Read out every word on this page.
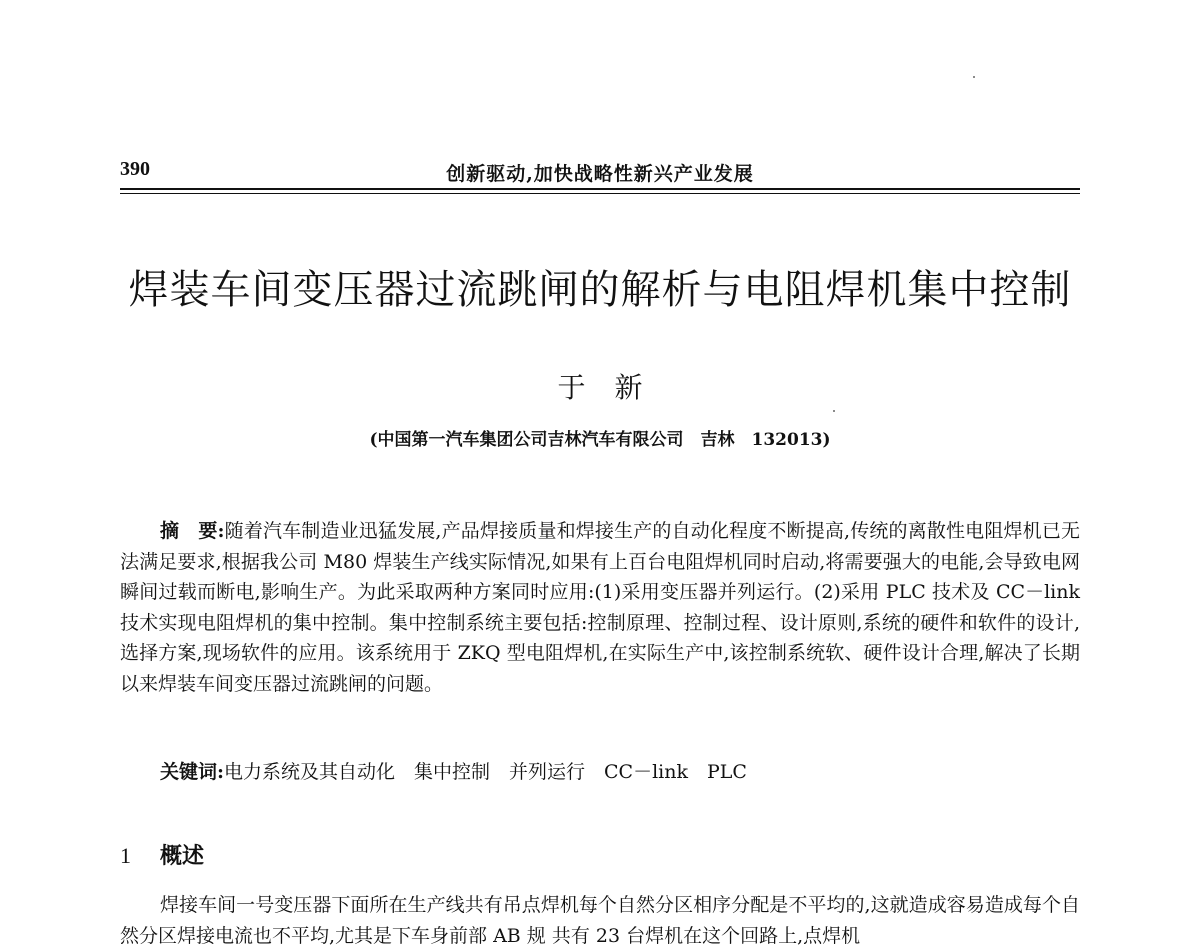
390	创新驱动,加快战略性新兴产业发展
焊装车间变压器过流跳闸的解析与电阻焊机集中控制
于 新
(中国第一汽车集团公司吉林汽车有限公司　吉林　132013)

摘　要:随着汽车制造业迅猛发展,产品焊接质量和焊接生产的自动化程度不断提高,传统的离散性电阻焊机已无法满足要求,根据我公司 M80 焊装生产线实际情况,如果有上百台电阻焊机同时启动,将需要强大的电能,会导致电网瞬间过载而断电,影响生产。为此采取两种方案同时应用:(1)采用变压器并列运行。(2)采用 PLC 技术及 CC－link 技术实现电阻焊机的集中控制。集中控制系统主要包括:控制原理、控制过程、设计原则,系统的硬件和软件的设计,选择方案,现场软件的应用。该系统用于 ZKQ 型电阻焊机,在实际生产中,该控制系统软、硬件设计合理,解决了长期以来焊装车间变压器过流跳闸的问题。

关键词:电力系统及其自动化　集中控制　并列运行　CC－link　PLC
1 概述

焊接车间一号变压器下面所在生产线共有吊点焊机每个自然分区相序分配是不平均的,这就造成容易造成每个自然分区焊接电流也不平均,尤其是下车身前部 AB 规 共有 23 台焊机在这个回路上,点焊机
